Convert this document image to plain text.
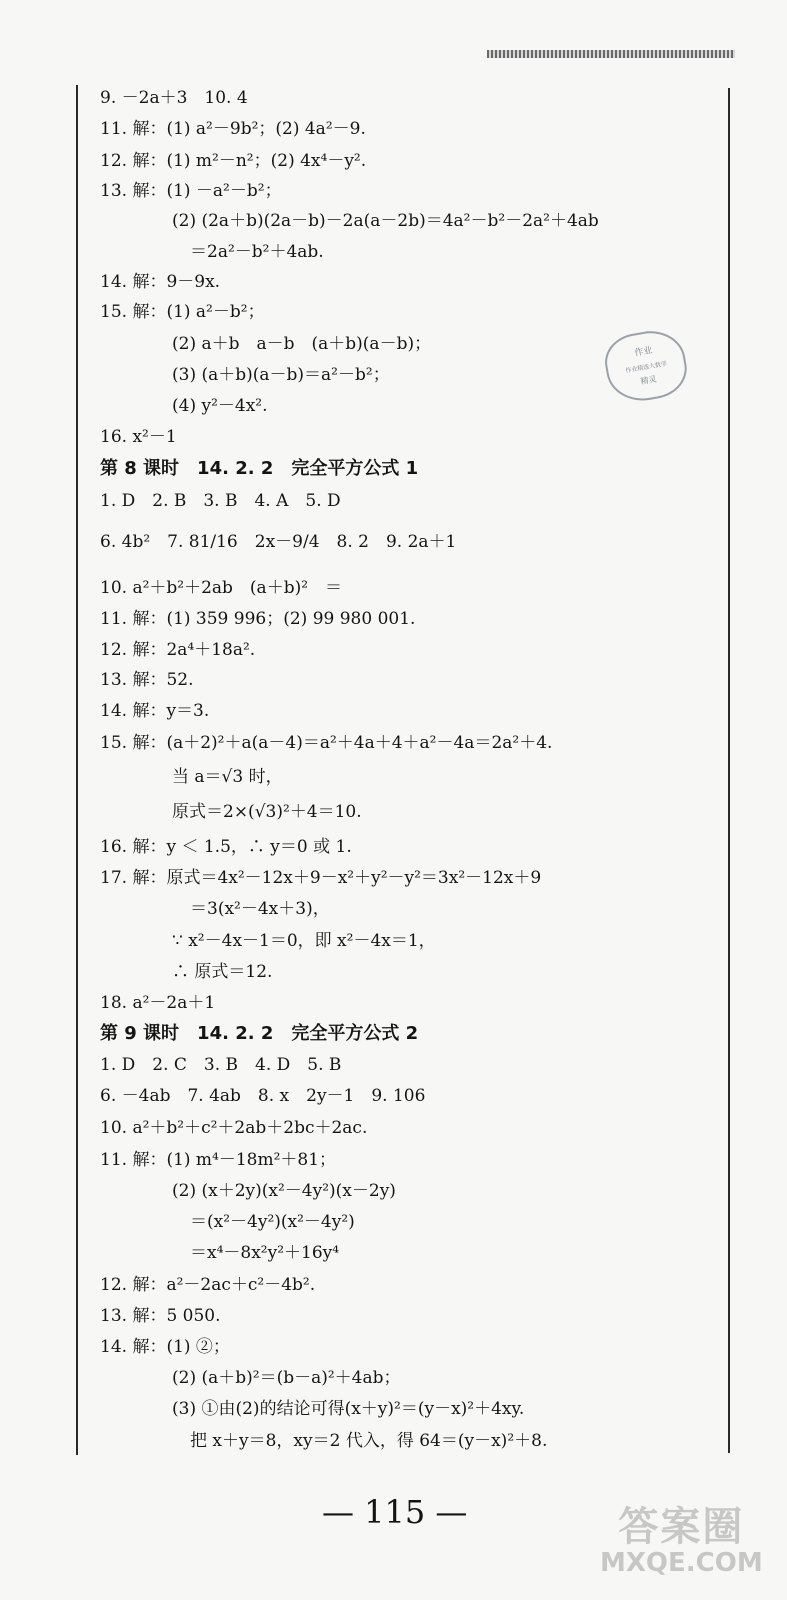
9. －2a＋3　10. 4
11. 解：(1) a²－9b²；(2) 4a²－9.
12. 解：(1) m²－n²；(2) 4x⁴－y².
13. 解：(1) －a²－b²；
(2) (2a＋b)(2a－b)－2a(a－2b)＝4a²－b²－2a²＋4ab
＝2a²－b²＋4ab.
14. 解：9－9x.
15. 解：(1) a²－b²；
(2) a＋b　a－b　(a＋b)(a－b)；
(3) (a＋b)(a－b)＝a²－b²；
(4) y²－4x².
16. x²－1
第 8 课时　14. 2. 2　完全平方公式 1
1. D　2. B　3. B　4. A　5. D
6. 4b²　7. 81/16　2x－9/4　8. 2　9. 2a＋1
10. a²＋b²＋2ab　(a＋b)²　＝
11. 解：(1) 359 996；(2) 99 980 001.
12. 解：2a⁴＋18a².
13. 解：52.
14. 解：y＝3.
15. 解：(a＋2)²＋a(a－4)＝a²＋4a＋4＋a²－4a＝2a²＋4.
当 a＝√3 时，
原式＝2×(√3)²＋4＝10.
16. 解：y ＜ 1.5，∴ y＝0 或 1.
17. 解：原式＝4x²－12x＋9－x²＋y²－y²＝3x²－12x＋9
＝3(x²－4x＋3)，
∵ x²－4x－1＝0，即 x²－4x＝1，
∴ 原式＝12.
18. a²－2a＋1
第 9 课时　14. 2. 2　完全平方公式 2
1. D　2. C　3. B　4. D　5. B
6. －4ab　7. 4ab　8. x　2y－1　9. 106
10. a²＋b²＋c²＋2ab＋2bc＋2ac.
11. 解：(1) m⁴－18m²＋81；
(2) (x＋2y)(x²－4y²)(x－2y)
＝(x²－4y²)(x²－4y²)
＝x⁴－8x²y²＋16y⁴
12. 解：a²－2ac＋c²－4b².
13. 解：5 050.
14. 解：(1) ②；
(2) (a＋b)²＝(b－a)²＋4ab；
(3) ①由(2)的结论可得(x＋y)²＝(y－x)²＋4xy.
把 x＋y＝8，xy＝2 代入，得 64＝(y－x)²＋8.
作业
作业精选大数学
精灵
— 115 —	答案圈
MXQE.COM
